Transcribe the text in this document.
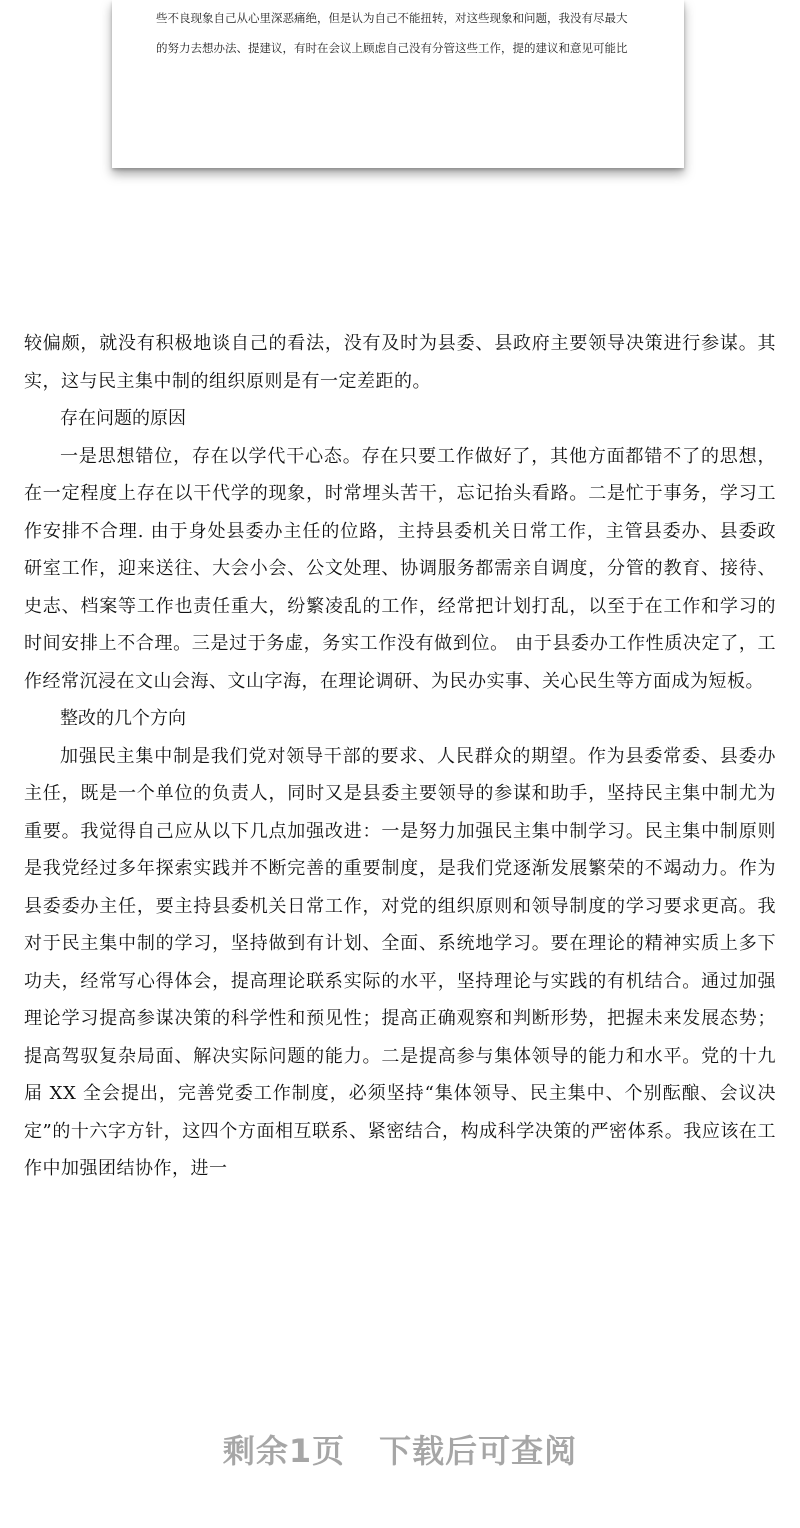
些不良现象自己从心里深恶痛绝，但是认为自己不能扭转，对这些现象和问题，我没有尽最大
的努力去想办法、提建议，有时在会议上顾虑自己没有分管这些工作，提的建议和意见可能比

较偏颇，就没有积极地谈自己的看法，没有及时为县委、县政府主要领导决策进行参谋。其实，这与民主集中制的组织原则是有一定差距的。

存在问题的原因

一是思想错位，存在以学代干心态。存在只要工作做好了，其他方面都错不了的思想，在一定程度上存在以干代学的现象，时常埋头苦干，忘记抬头看路。二是忙于事务，学习工作安排不合理. 由于身处县委办主任的位路，主持县委机关日常工作，主管县委办、县委政研室工作，迎来送往、大会小会、公文处理、协调服务都需亲自调度，分管的教育、接待、史志、档案等工作也责任重大，纷繁凌乱的工作，经常把计划打乱，以至于在工作和学习的时间安排上不合理。三是过于务虚，务实工作没有做到位。 由于县委办工作性质决定了，工作经常沉浸在文山会海、文山字海，在理论调研、为民办实事、关心民生等方面成为短板。

整改的几个方向

加强民主集中制是我们党对领导干部的要求、人民群众的期望。作为县委常委、县委办主任，既是一个单位的负责人，同时又是县委主要领导的参谋和助手，坚持民主集中制尤为重要。我觉得自己应从以下几点加强改进：一是努力加强民主集中制学习。民主集中制原则是我党经过多年探索实践并不断完善的重要制度，是我们党逐渐发展繁荣的不竭动力。作为县委委办主任，要主持县委机关日常工作，对党的组织原则和领导制度的学习要求更高。我对于民主集中制的学习，坚持做到有计划、全面、系统地学习。要在理论的精神实质上多下功夫，经常写心得体会，提高理论联系实际的水平，坚持理论与实践的有机结合。通过加强理论学习提高参谋决策的科学性和预见性；提高正确观察和判断形势，把握未来发展态势；提高驾驭复杂局面、解决实际问题的能力。二是提高参与集体领导的能力和水平。党的十九届 XX 全会提出，完善党委工作制度，必须坚持“集体领导、民主集中、个别酝酿、会议决定”的十六字方针，这四个方面相互联系、紧密结合，构成科学决策的严密体系。我应该在工作中加强团结协作，进一

剩余1页 下载后可查阅
